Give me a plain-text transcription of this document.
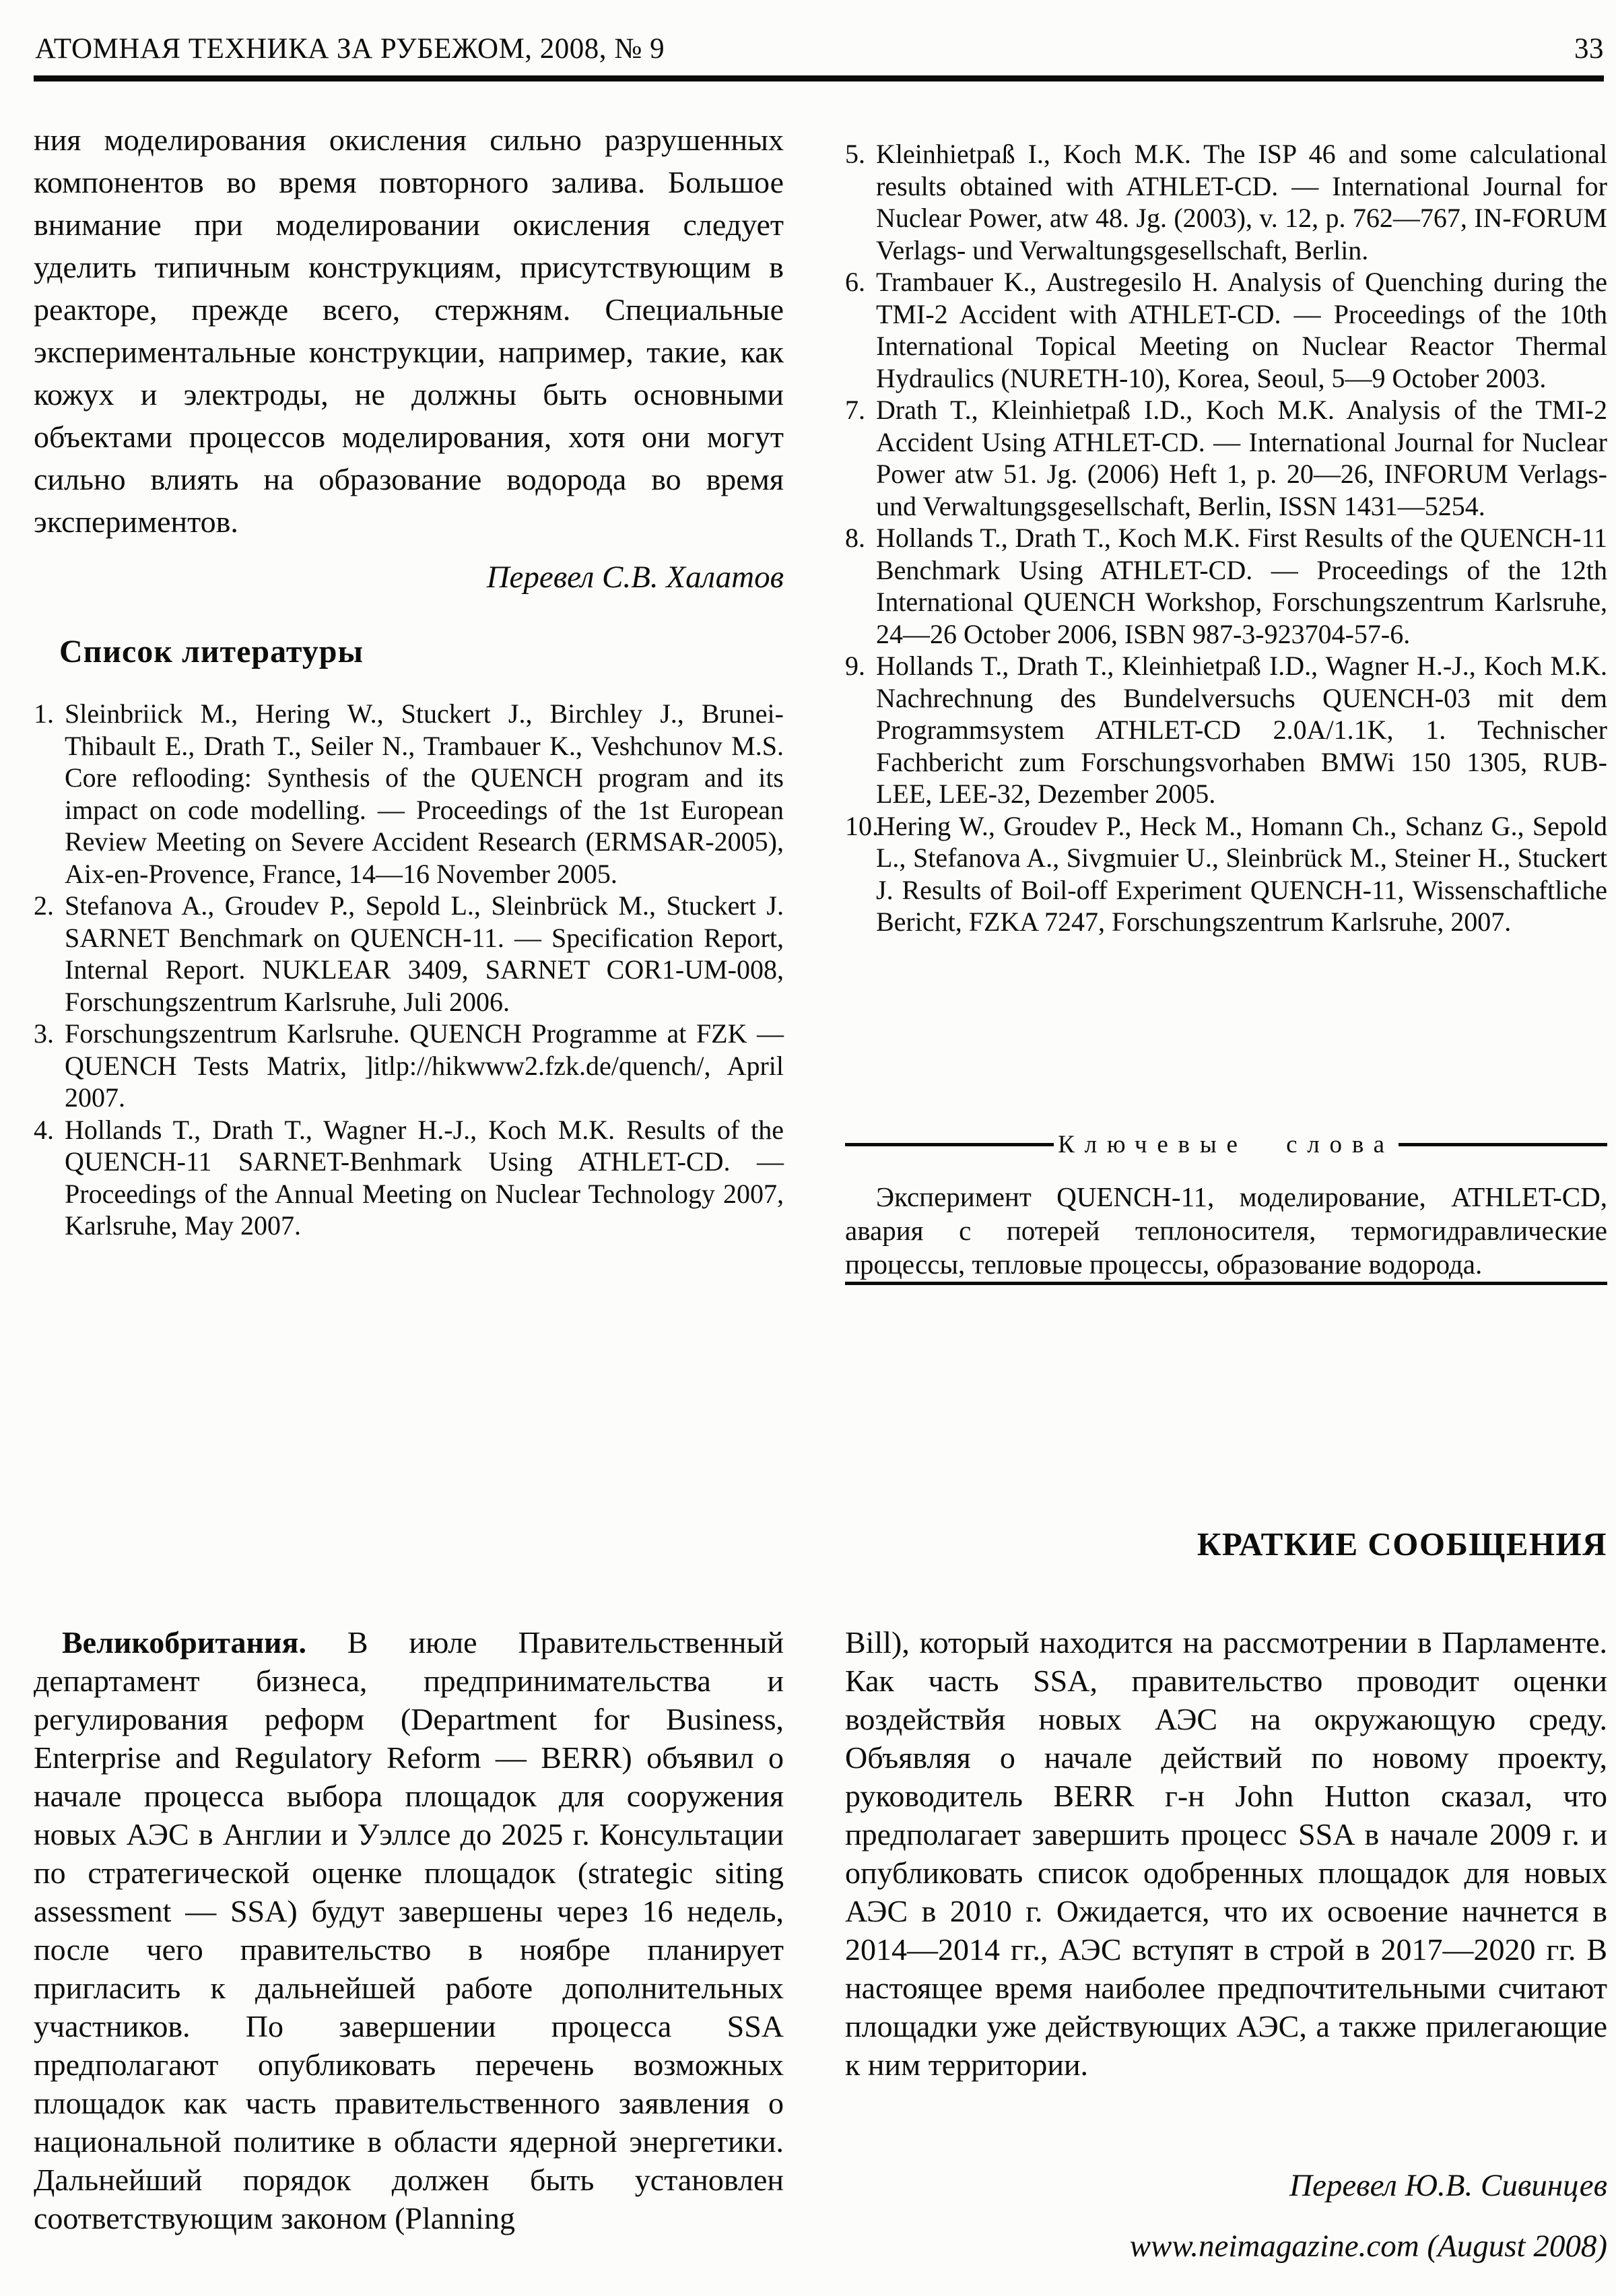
АТОМНАЯ ТЕХНИКА ЗА РУБЕЖОМ, 2008, № 9	33

ния моделирования окисления сильно разрушенных компонентов во время повторного залива. Большое внимание при моделировании окисления следует уделить типичным конструкциям, присутствующим в реакторе, прежде всего, стержням. Специальные экспериментальные конструкции, например, такие, как кожух и электроды, не должны быть основными объектами процессов моделирования, хотя они могут сильно влиять на образование водорода во время экспериментов.

Перевел С.В. Халатов

Список литературы
1. Sleinbriick M., Hering W., Stuckert J., Birchley J., Brunei-Thibault E., Drath T., Seiler N., Trambauer K., Veshchunov M.S. Core reflooding: Synthesis of the QUENCH program and its impact on code modelling. — Proceedings of the 1st European Review Meeting on Severe Accident Research (ERMSAR-2005), Aix-en-Provence, France, 14—16 November 2005.
2. Stefanova A., Groudev P., Sepold L., Sleinbrück M., Stuckert J. SARNET Benchmark on QUENCH-11. — Specification Report, Internal Report. NUKLEAR 3409, SARNET COR1-UM-008, Forschungszentrum Karlsruhe, Juli 2006.
3. Forschungszentrum Karlsruhe. QUENCH Programme at FZK — QUENCH Tests Matrix, ]itlp://hikwww2.fzk.de/quench/, April 2007.
4. Hollands T., Drath T., Wagner H.-J., Koch M.K. Results of the QUENCH-11 SARNET-Benhmark Using ATHLET-CD. — Proceedings of the Annual Meeting on Nuclear Technology 2007, Karlsruhe, May 2007.

Великобритания. В июле Правительственный департамент бизнеса, предпринимательства и регулирования реформ (Department for Business, Enterprise and Regulatory Reform — BERR) объявил о начале процесса выбора площадок для сооружения новых АЭС в Англии и Уэллсе до 2025 г. Консультации по стратегической оценке площадок (strategic siting assessment — SSA) будут завершены через 16 недель, после чего правительство в ноябре планирует пригласить к дальнейшей работе дополнительных участников. По завершении процесса SSA предполагают опубликовать перечень возможных площадок как часть правительственного заявления о национальной политике в области ядерной энергетики. Дальнейший порядок должен быть установлен соответствующим законом (Planning

5. Kleinhietpaß I., Koch M.K. The ISP 46 and some calculational results obtained with ATHLET-CD. — International Journal for Nuclear Power, atw 48. Jg. (2003), v. 12, p. 762—767, IN-FORUM Verlags- und Verwaltungsgesellschaft, Berlin.
6. Trambauer K., Austregesilo H. Analysis of Quenching during the TMI-2 Accident with ATHLET-CD. — Proceedings of the 10th International Topical Meeting on Nuclear Reactor Thermal Hydraulics (NURETH-10), Korea, Seoul, 5—9 October 2003.
7. Drath T., Kleinhietpaß I.D., Koch M.K. Analysis of the TMI-2 Accident Using ATHLET-CD. — International Journal for Nuclear Power atw 51. Jg. (2006) Heft 1, p. 20—26, INFORUM Verlags- und Verwaltungsgesellschaft, Berlin, ISSN 1431—5254.
8. Hollands T., Drath T., Koch M.K. First Results of the QUENCH-11 Benchmark Using ATHLET-CD. — Proceedings of the 12th International QUENCH Workshop, Forschungszentrum Karlsruhe, 24—26 October 2006, ISBN 987-3-923704-57-6.
9. Hollands T., Drath T., Kleinhietpaß I.D., Wagner H.-J., Koch M.K. Nachrechnung des Bundelversuchs QUENCH-03 mit dem Programmsystem ATHLET-CD 2.0A/1.1K, 1. Technischer Fachbericht zum Forschungsvorhaben BMWi 150 1305, RUB-LEE, LEE-32, Dezember 2005.
10.
Hering W., Groudev P., Heck M., Homann Ch., Schanz G., Sepold L., Stefanova A., Sivgmuier U., Sleinbrück M., Steiner H., Stuckert J. Results of Boil-off Experiment QUENCH-11, Wissenschaftliche Bericht, FZKA 7247, Forschungszentrum Karlsruhe, 2007.
Ключевые слова

Эксперимент QUENCH-11, моделирование, ATHLET-CD, авария с потерей теплоносителя, термогидравлические процессы, тепловые процессы, образование водорода.

КРАТКИЕ СООБЩЕНИЯ

Bill), который находится на рассмотрении в Парламенте. Как часть SSA, правительство проводит оценки воздействйя новых АЭС на окружающую среду. Объявляя о начале действий по новому проекту, руководитель BERR г-н John Hutton сказал, что предполагает завершить процесс SSA в начале 2009 г. и опубликовать список одобренных площадок для новых АЭС в 2010 г. Ожидается, что их освоение начнется в 2014—2014 гг., АЭС вступят в строй в 2017—2020 гг. В настоящее время наиболее предпочтительными считают площадки уже действующих АЭС, а также прилегающие к ним территории.

Перевел Ю.В. Сивинцев

www.neimagazine.com (August 2008)
